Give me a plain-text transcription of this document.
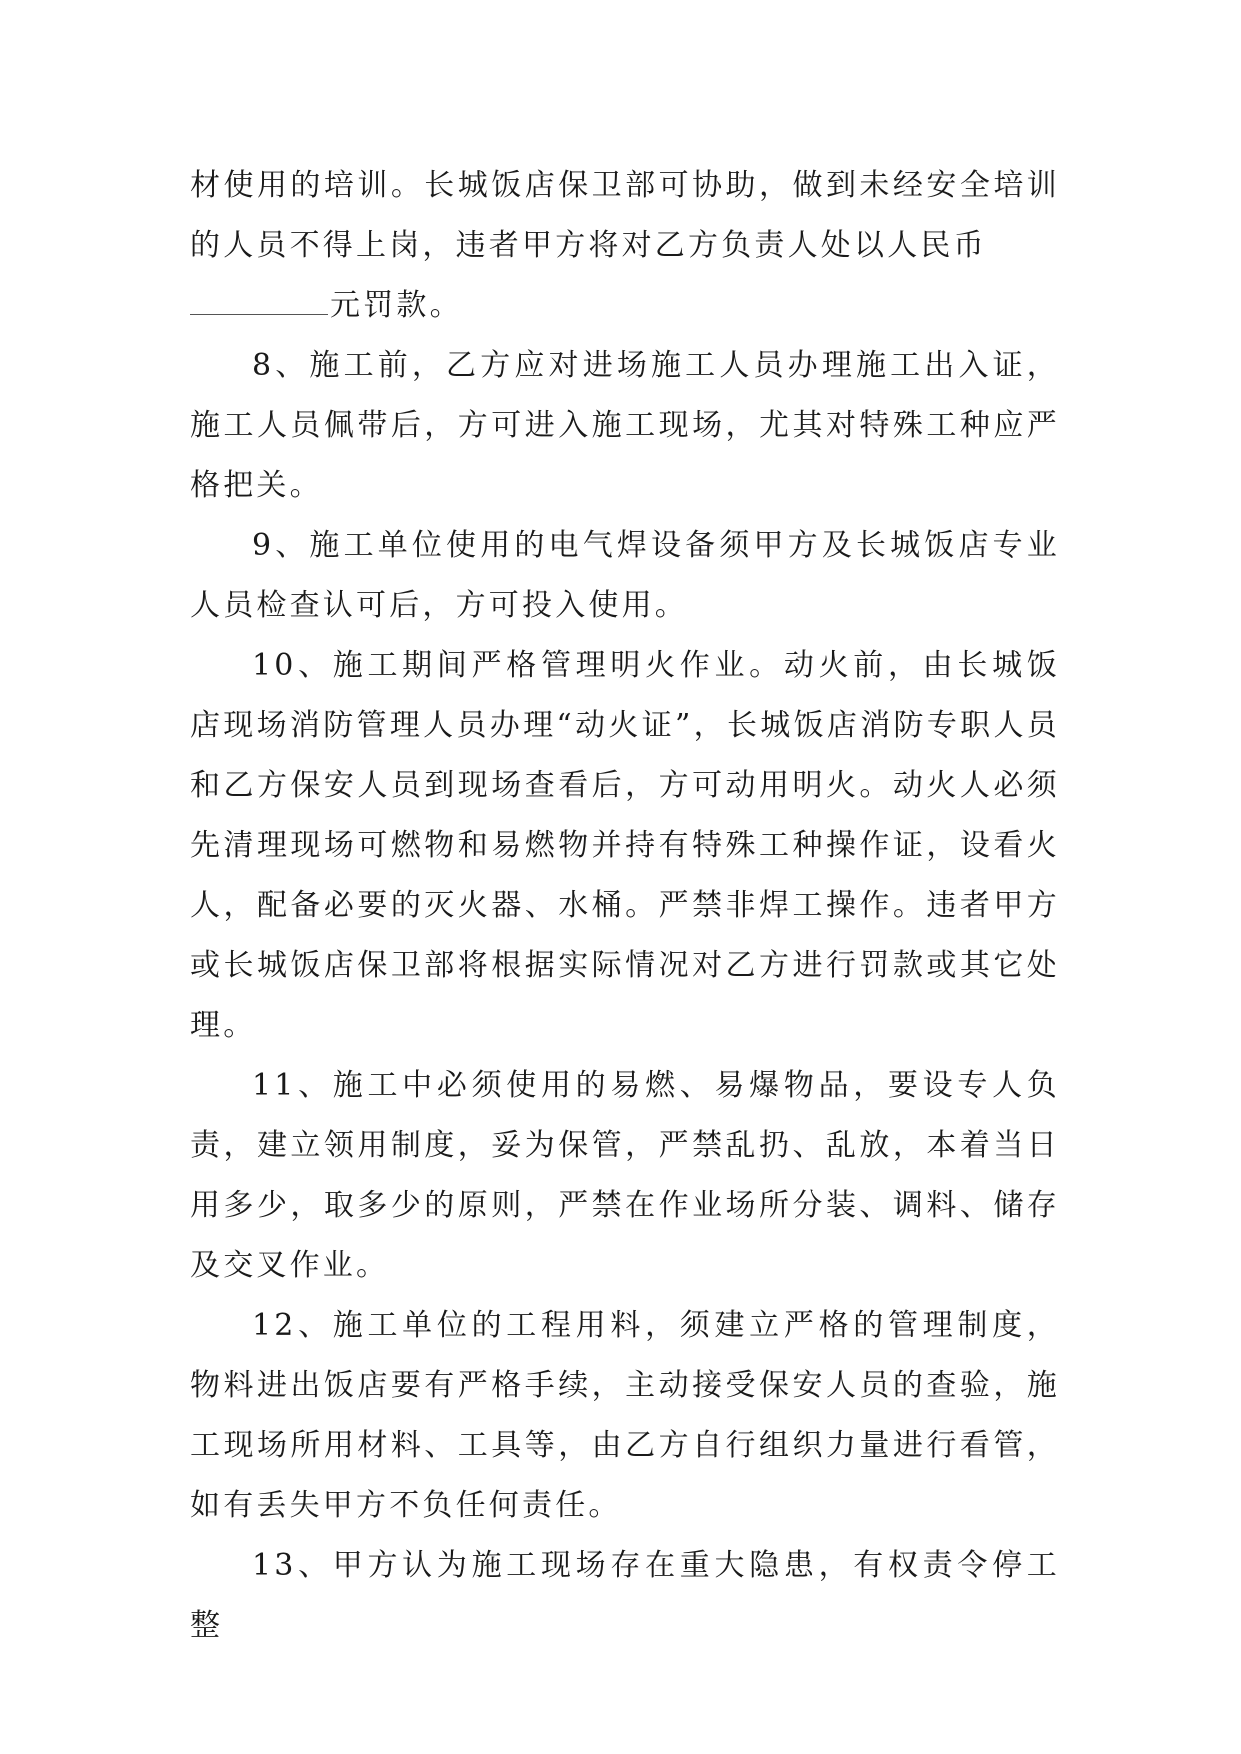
材使用的培训。长城饭店保卫部可协助，做到未经安全培训的人员不得上岗，违者甲方将对乙方负责人处以人民币
元罚款。

8、施工前，乙方应对进场施工人员办理施工出入证，施工人员佩带后，方可进入施工现场，尤其对特殊工种应严格把关。

9、施工单位使用的电气焊设备须甲方及长城饭店专业人员检查认可后，方可投入使用。

10、施工期间严格管理明火作业。动火前，由长城饭店现场消防管理人员办理“动火证”，长城饭店消防专职人员和乙方保安人员到现场查看后，方可动用明火。动火人必须先清理现场可燃物和易燃物并持有特殊工种操作证，设看火人，配备必要的灭火器、水桶。严禁非焊工操作。违者甲方或长城饭店保卫部将根据实际情况对乙方进行罚款或其它处理。

11、施工中必须使用的易燃、易爆物品，要设专人负责，建立领用制度，妥为保管，严禁乱扔、乱放，本着当日用多少，取多少的原则，严禁在作业场所分装、调料、储存及交叉作业。

12、施工单位的工程用料，须建立严格的管理制度，物料进出饭店要有严格手续，主动接受保安人员的查验，施工现场所用材料、工具等，由乙方自行组织力量进行看管，如有丢失甲方不负任何责任。

13、甲方认为施工现场存在重大隐患，有权责令停工整
